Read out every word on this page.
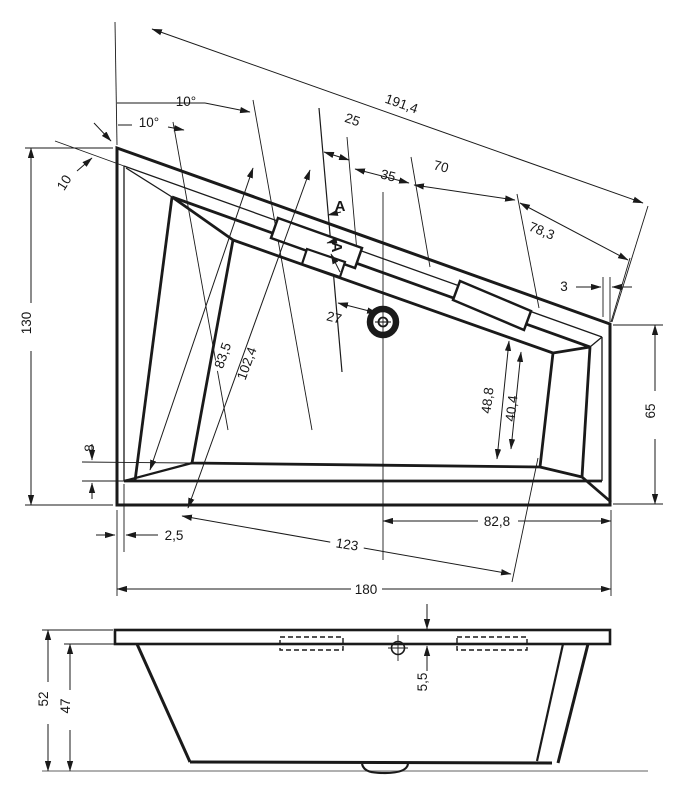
191,4
10°
10°	25
35	70
78,3
3
10
130	27
83,5 102,4
48,8 40,4	65
8
2,5	123
82,8
180
A
A
52 47
5,5
